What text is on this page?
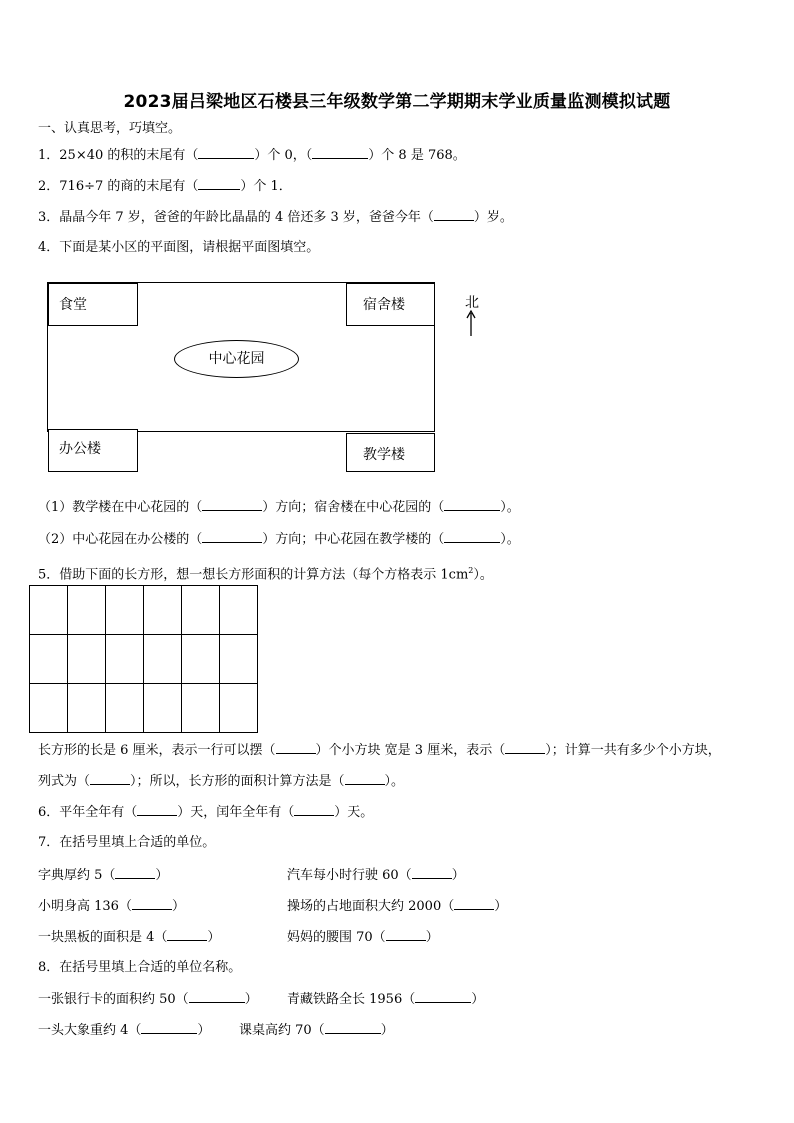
2023届吕梁地区石楼县三年级数学第二学期期末学业质量监测模拟试题
一、认真思考，巧填空。
1．25×40 的积的末尾有（	）个 0，（	）个 8 是 768。
2．716÷7 的商的末尾有（	）个 1．
3．晶晶今年 7 岁，爸爸的年龄比晶晶的 4 倍还多 3 岁，爸爸今年（	）岁。
4．下面是某小区的平面图，请根据平面图填空。
食堂	宿舍楼
中心花园
办公楼	教学楼
北
（1）教学楼在中心花园的（	）方向；宿舍楼在中心花园的（	）。
（2）中心花园在办公楼的（	）方向；中心花园在教学楼的（	）。
5．借助下面的长方形，想一想长方形面积的计算方法（每个方格表示 $1cm^2$）。

长方形的长是 6 厘米，表示一行可以摆（	）个小方块 宽是 3 厘米，表示（	）；计算一共有多少个小方块，
列式为（	）；所以，长方形的面积计算方法是（	）。
6．平年全年有（	）天，闰年全年有（	）天。
7．在括号里填上合适的单位。
字典厚约 5（	）	汽车每小时行驶 60（	）
小明身高 136（	）	操场的占地面积大约 2000（	）
一块黑板的面积是 4（	）	妈妈的腰围 70（	）
8．在括号里填上合适的单位名称。
一张银行卡的面积约 50（	） 青藏铁路全长 1956（	）
一头大象重约 4（	） 课桌高约 70（	）
